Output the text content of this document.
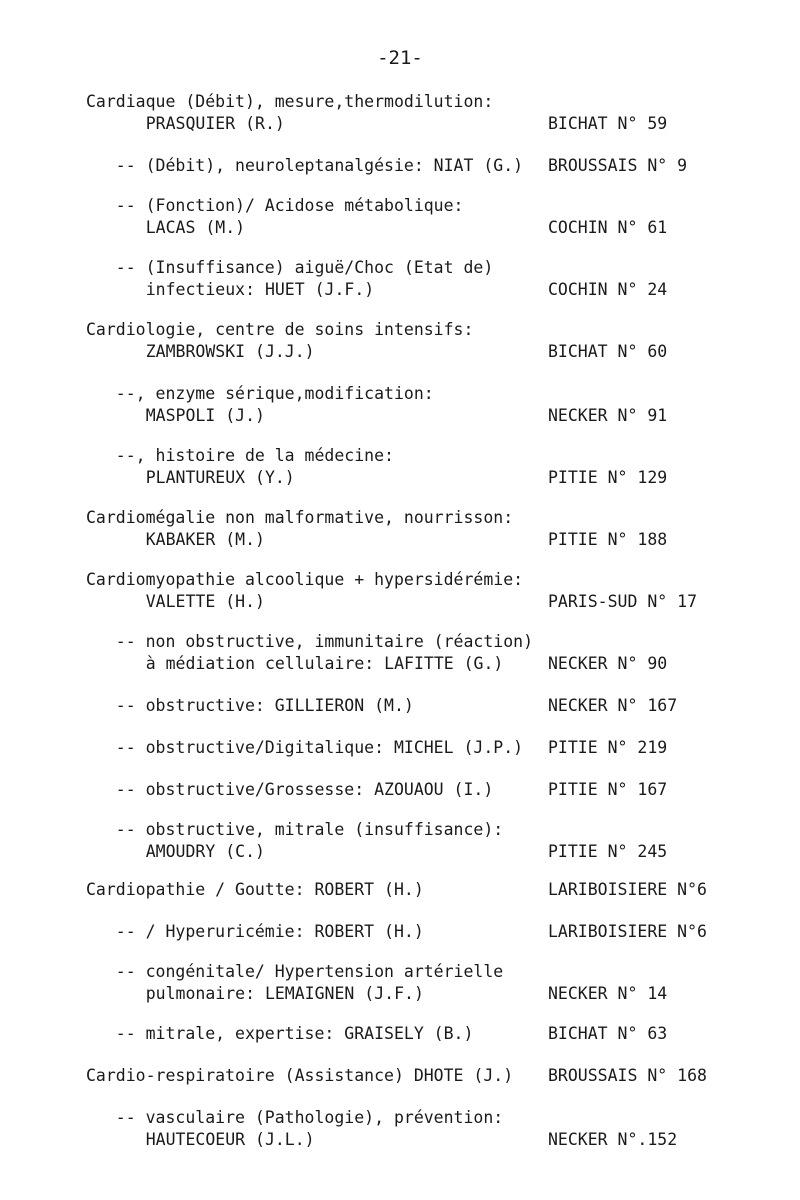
-21-
Cardiaque (Débit), mesure,thermodilution:
PRASQUIER (R.)	BICHAT N° 59
-- (Débit), neuroleptanalgésie: NIAT (G.) BROUSSAIS N° 9
-- (Fonction)/ Acidose métabolique:
LACAS (M.)	COCHIN N° 61
-- (Insuffisance) aiguë/Choc (Etat de)
infectieux: HUET (J.F.)	COCHIN N° 24
Cardiologie, centre de soins intensifs:
ZAMBROWSKI (J.J.)	BICHAT N° 60
--, enzyme sérique,modification:
MASPOLI (J.)	NECKER N° 91
--, histoire de la médecine:
PLANTUREUX (Y.)	PITIE N° 129
Cardiomégalie non malformative, nourrisson:
KABAKER (M.)	PITIE N° 188
Cardiomyopathie alcoolique + hypersidérémie:
VALETTE (H.)	PARIS-SUD N° 17
-- non obstructive, immunitaire (réaction)
à médiation cellulaire: LAFITTE (G.)	NECKER N° 90
-- obstructive: GILLIERON (M.)	NECKER N° 167
-- obstructive/Digitalique: MICHEL (J.P.) PITIE N° 219
-- obstructive/Grossesse: AZOUAOU (I.)	PITIE N° 167
-- obstructive, mitrale (insuffisance):
AMOUDRY (C.)	PITIE N° 245
Cardiopathie / Goutte: ROBERT (H.)	LARIBOISIERE N°6
-- / Hyperuricémie: ROBERT (H.)	LARIBOISIERE N°6
-- congénitale/ Hypertension artérielle
pulmonaire: LEMAIGNEN (J.F.)	NECKER N° 14
-- mitrale, expertise: GRAISELY (B.)	BICHAT N° 63
Cardio-respiratoire (Assistance) DHOTE (J.) BROUSSAIS N° 168
-- vasculaire (Pathologie), prévention:
HAUTECOEUR (J.L.)	NECKER N°.152
